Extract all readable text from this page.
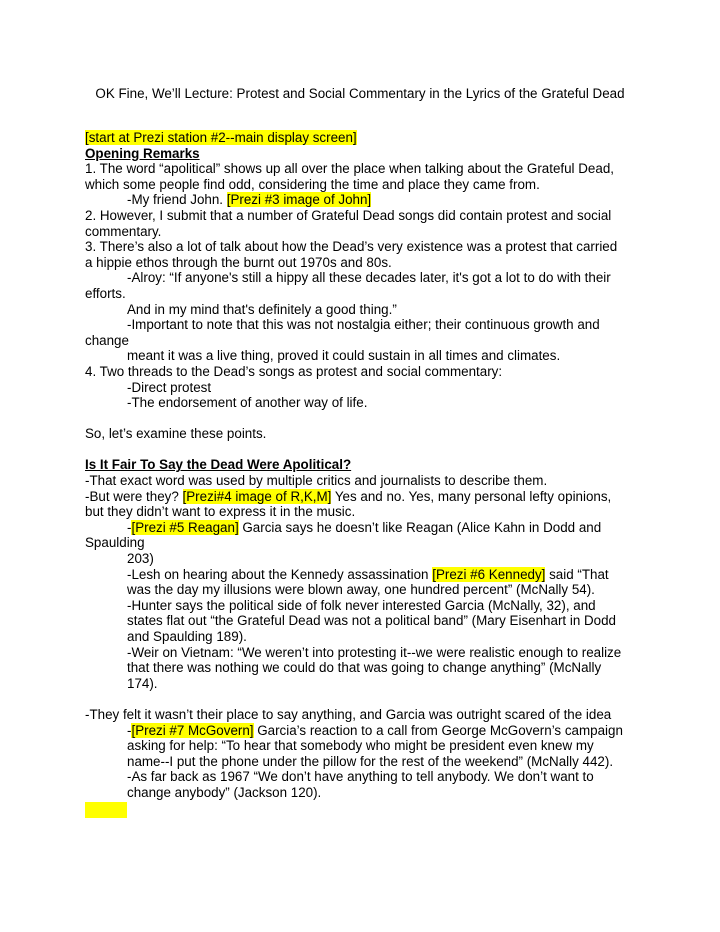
OK Fine, We’ll Lecture: Protest and Social Commentary in the Lyrics of the Grateful Dead

[start at Prezi station #2--main display screen]

Opening Remarks

1. The word “apolitical” shows up all over the place when talking about the Grateful Dead,

which some people find odd, considering the time and place they came from.

-My friend John. [Prezi #3 image of John]

2. However, I submit that a number of Grateful Dead songs did contain protest and social

commentary.

3. There’s also a lot of talk about how the Dead’s very existence was a protest that carried

a hippie ethos through the burnt out 1970s and 80s.

-Alroy: “If anyone's still a hippy all these decades later, it's got a lot to do with their

efforts.

And in my mind that's definitely a good thing.”

-Important to note that this was not nostalgia either; their continuous growth and

change

meant it was a live thing, proved it could sustain in all times and climates.

4. Two threads to the Dead’s songs as protest and social commentary:

-Direct protest

-The endorsement of another way of life.

So, let’s examine these points.

Is It Fair To Say the Dead Were Apolitical?

-That exact word was used by multiple critics and journalists to describe them.

-But were they? [Prezi#4 image of R,K,M] Yes and no. Yes, many personal lefty opinions,

but they didn’t want to express it in the music.

-[Prezi #5 Reagan] Garcia says he doesn’t like Reagan (Alice Kahn in Dodd and

Spaulding

203)

-Lesh on hearing about the Kennedy assassination [Prezi #6 Kennedy] said “That

was the day my illusions were blown away, one hundred percent” (McNally 54).

-Hunter says the political side of folk never interested Garcia (McNally, 32), and

states flat out “the Grateful Dead was not a political band” (Mary Eisenhart in Dodd

and Spaulding 189).

-Weir on Vietnam: “We weren’t into protesting it--we were realistic enough to realize

that there was nothing we could do that was going to change anything” (McNally

174).

-They felt it wasn’t their place to say anything, and Garcia was outright scared of the idea

-[Prezi #7 McGovern] Garcia’s reaction to a call from George McGovern’s campaign

asking for help: “To hear that somebody who might be president even knew my

name--I put the phone under the pillow for the rest of the weekend” (McNally 442).

-As far back as 1967 “We don’t have anything to tell anybody. We don’t want to

change anybody” (Jackson 120).
